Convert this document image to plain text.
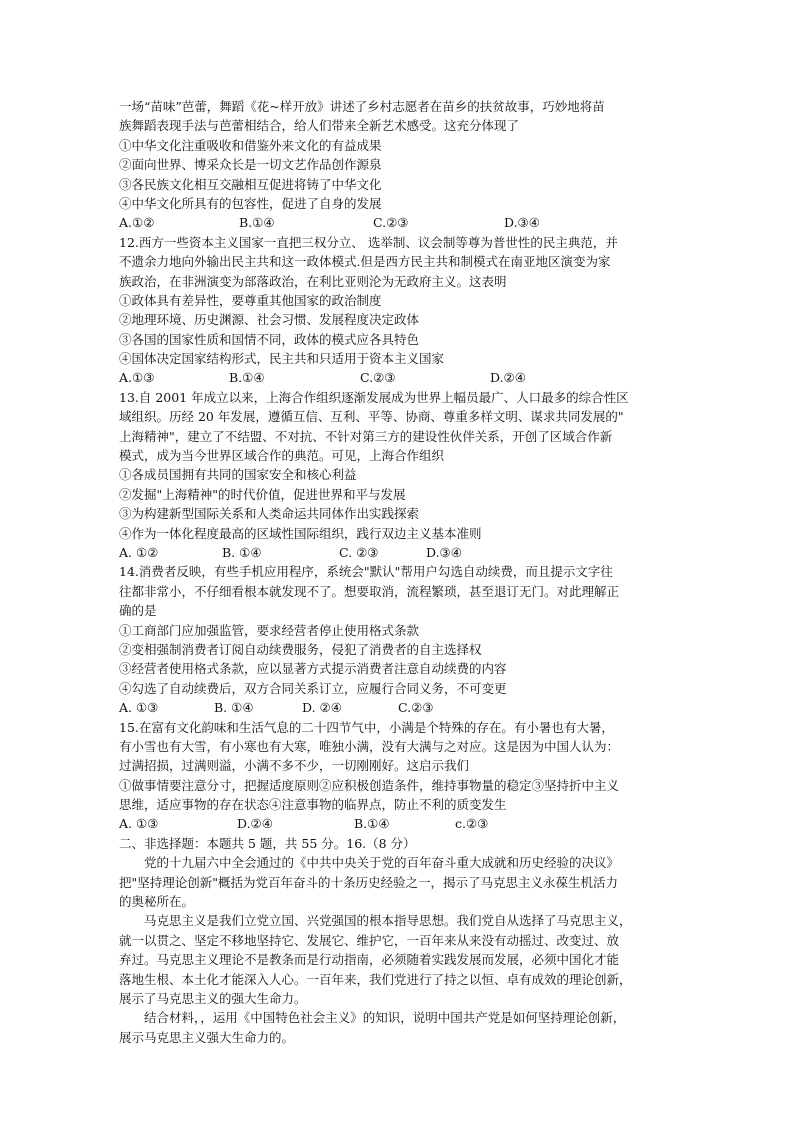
一场“苗味”芭蕾，舞蹈《花~样开放》讲述了乡村志愿者在苗乡的扶贫故事，巧妙地将苗
族舞蹈表现手法与芭蕾相结合，给人们带来全新艺术感受。这充分体现了
①中华文化注重吸收和借鉴外来文化的有益成果
②面向世界、博采众长是一切文艺作品创作源泉
③各民族文化相互交融相互促进将铸了中华文化
④中华文化所具有的包容性，促进了自身的发展
A.①②	B.①④	C.②③	D.③④
12.西方一些资本主义国家一直把三权分立、 选举制、议会制等尊为普世性的民主典范，并
不遗余力地向外输出民主共和这一政体模式.但是西方民主共和制模式在南亚地区演变为家
族政治，在非洲演变为部落政治，在利比亚则沦为无政府主义。这表明
①政体具有差异性，要尊重其他国家的政治制度
②地理环境、历史渊源、社会习惯、发展程度决定政体
③各国的国家性质和国情不同，政体的模式应各具特色
④国体决定国家结构形式，民主共和只适用于资本主义国家
A.①③	B.①④	C.②③	D.②④
13.自 2001 年成立以来，上海合作组织逐渐发展成为世界上幅员最广、人口最多的综合性区
域组织。历经 20 年发展，遵循互信、互利、平等、协商、尊重多样文明、谋求共同发展的"
上海精神"，建立了不结盟、不对抗、不针对第三方的建设性伙伴关系，开创了区域合作新
模式，成为当今世界区域合作的典范。可见，上海合作组织
①各成员国拥有共同的国家安全和核心利益
②发掘"上海精神"的时代价值，促进世界和平与发展
③为构建新型国际关系和人类命运共同体作出实践探索
④作为一体化程度最高的区域性国际组织，践行双边主义基本准则
A. ①②	B. ①④	C. ②③	D.③④
14.消费者反映，有些手机应用程序，系统会"默认"帮用户勾选自动续费，而且提示文字往
往都非常小，不仔细看根本就发现不了。想要取消，流程繁琐，甚至退订无门。对此理解正
确的是
①工商部门应加强监管，要求经营者停止使用格式条款
②变相强制消费者订阅自动续费服务，侵犯了消费者的自主选择权
③经营者使用格式条款，应以显著方式提示消费者注意自动续费的内容
④勾选了自动续费后，双方合同关系订立，应履行合同义务，不可变更
A. ①③	B. ①④	D. ②④	C.②③
15.在富有文化韵味和生活气息的二十四节气中，小满是个特殊的存在。有小暑也有大暑，
有小雪也有大雪，有小寒也有大寒，唯独小满，没有大满与之对应。这是因为中国人认为：
过满招损，过满则溢，小满不多不少，一切刚刚好。这启示我们
①做事情要注意分寸，把握适度原则②应积极创造条件，维持事物量的稳定③坚持折中主义
思维，适应事物的存在状态④注意事物的临界点，防止不利的质变发生
A. ①③	D.②④	B.①④	c.②③
二、非选择题：本题共 5 题，共 55 分。16.（8 分）
党的十九届六中全会通过的《中共中央关于党的百年奋斗重大成就和历史经验的决议》
把"坚持理论创新"概括为党百年奋斗的十条历史经验之一，揭示了马克思主义永葆生机活力
的奥秘所在。
马克思主义是我们立党立国、兴党强国的根本指导思想。我们党自从选择了马克思主义，
就一以贯之、坚定不移地坚持它、发展它、维护它，一百年来从来没有动摇过、改变过、放
弃过。马克思主义理论不是教条而是行动指南，必须随着实践发展而发展，必须中国化才能
落地生根、本土化才能深入人心。一百年来，我们党进行了持之以恒、卓有成效的理论创新，
展示了马克思主义的强大生命力。
结合材料，，运用《中国特色社会主义》的知识，说明中国共产党是如何坚持理论创新，
展示马克思主义强大生命力的。
